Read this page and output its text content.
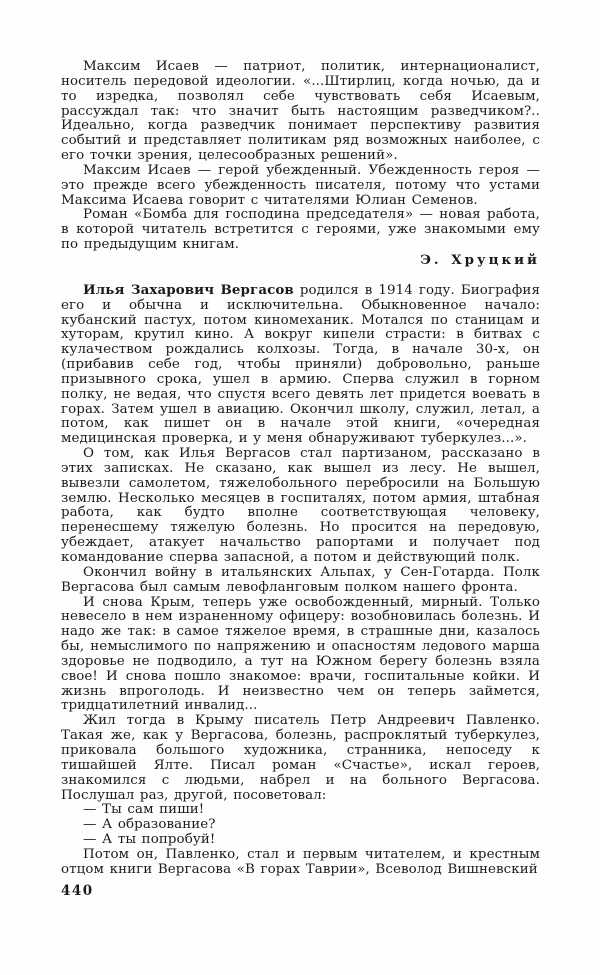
Максим Исаев — патриот, политик, интернационалист, носитель передовой идеологии. «...Штирлиц, когда ночью, да и то изредка, позволял себе чувствовать себя Исаевым, рассуждал так: что значит быть настоящим разведчиком?.. Идеально, когда разведчик понимает перспективу развития событий и представляет политикам ряд возможных наиболее, с его точки зрения, целесообразных решений».

Максим Исаев — герой убежденный. Убежденность героя — это прежде всего убежденность писателя, потому что устами Максима Исаева говорит с читателями Юлиан Семенов.

Роман «Бомба для господина председателя» — новая работа, в которой читатель встретится с героями, уже знакомыми ему по предыдущим книгам.

Э. Хруцкий

Илья Захарович Вергасов родился в 1914 году. Биография его и обычна и исключительна. Обыкновенное начало: кубанский пастух, потом киномеханик. Мотался по станицам и хуторам, крутил кино. А вокруг кипели страсти: в битвах с кулачеством рождались колхозы. Тогда, в начале 30-х, он (прибавив себе год, чтобы приняли) добровольно, раньше призывного срока, ушел в армию. Сперва служил в горном полку, не ведая, что спустя всего девять лет придется воевать в горах. Затем ушел в авиацию. Окончил школу, служил, летал, а потом, как пишет он в начале этой книги, «очередная медицинская проверка, и у меня обнаруживают туберкулез...».

О том, как Илья Вергасов стал партизаном, рассказано в этих записках. Не сказано, как вышел из лесу. Не вышел, вывезли самолетом, тяжелобольного перебросили на Большую землю. Несколько месяцев в госпиталях, потом армия, штабная работа, как будто вполне соответствующая человеку, перенесшему тяжелую болезнь. Но просится на передовую, убеждает, атакует начальство рапортами и получает под командование сперва запасной, а потом и действующий полк.

Окончил войну в итальянских Альпах, у Сен-Готарда. Полк Вергасова был самым левофланговым полком нашего фронта.

И снова Крым, теперь уже освобожденный, мирный. Только невесело в нем израненному офицеру: возобновилась болезнь. И надо же так: в самое тяжелое время, в страшные дни, казалось бы, немыслимого по напряжению и опасностям ледового марша здоровье не подводило, а тут на Южном берегу болезнь взяла свое! И снова пошло знакомое: врачи, госпитальные койки. И жизнь впроголодь. И неизвестно чем он теперь займется, тридцатилетний инвалид...

Жил тогда в Крыму писатель Петр Андреевич Павленко. Такая же, как у Вергасова, болезнь, распроклятый туберкулез, приковала большого художника, странника, непоседу к тишайшей Ялте. Писал роман «Счастье», искал героев, знакомился с людьми, набрел и на больного Вергасова. Послушал раз, другой, посоветовал:

— Ты сам пиши!

— А образование?

— А ты попробуй!

Потом он, Павленко, стал и первым читателем, и крестным отцом книги Вергасова «В горах Таврии», Всеволод Вишневский

440
